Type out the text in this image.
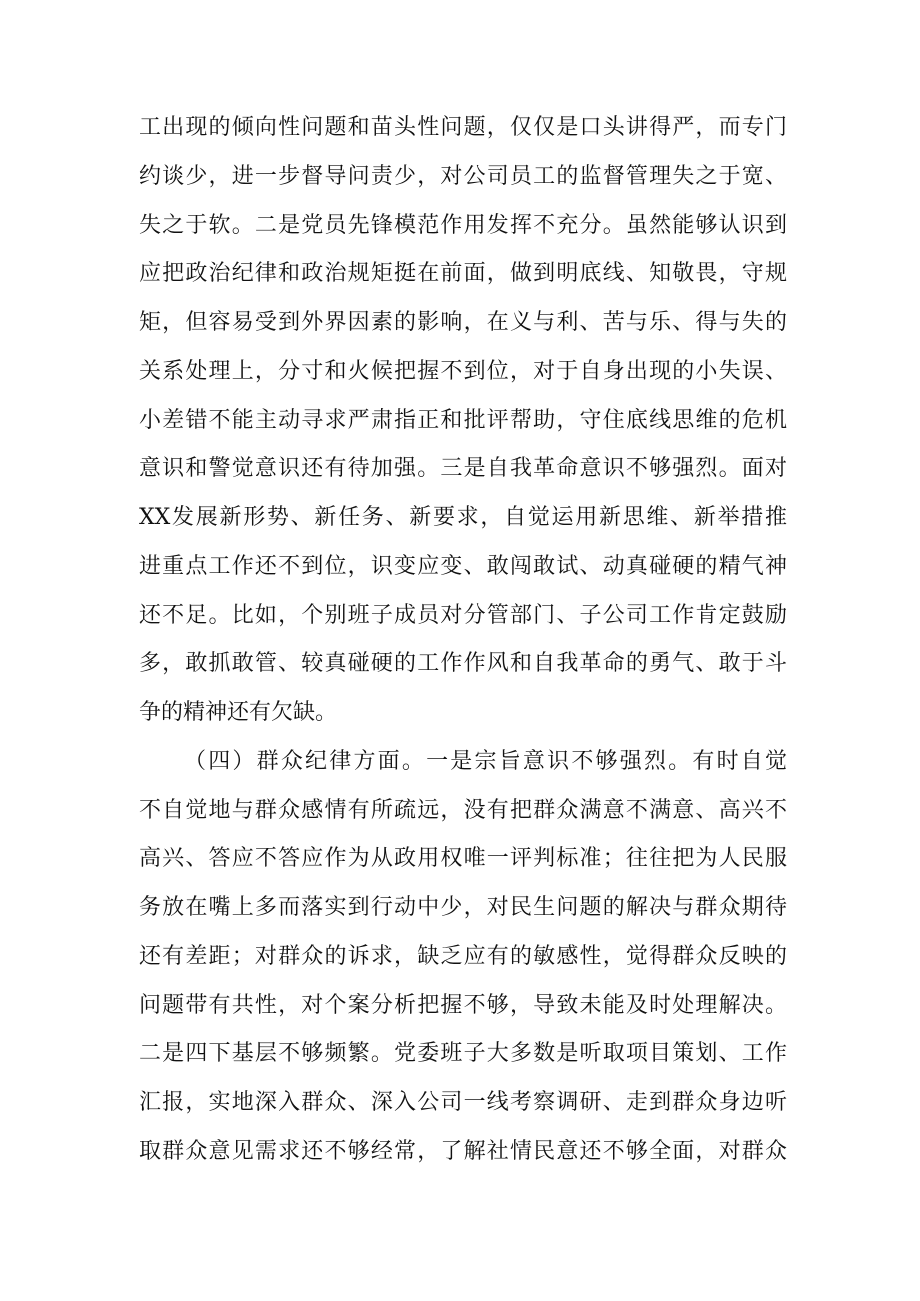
工出现的倾向性问题和苗头性问题，仅仅是口头讲得严，而专门
约谈少，进一步督导问责少，对公司员工的监督管理失之于宽、
失之于软。二是党员先锋模范作用发挥不充分。虽然能够认识到
应把政治纪律和政治规矩挺在前面，做到明底线、知敬畏，守规
矩，但容易受到外界因素的影响，在义与利、苦与乐、得与失的
关系处理上，分寸和火候把握不到位，对于自身出现的小失误、
小差错不能主动寻求严肃指正和批评帮助，守住底线思维的危机
意识和警觉意识还有待加强。三是自我革命意识不够强烈。面对
XX发展新形势、新任务、新要求，自觉运用新思维、新举措推
进重点工作还不到位，识变应变、敢闯敢试、动真碰硬的精气神
还不足。比如，个别班子成员对分管部门、子公司工作肯定鼓励
多，敢抓敢管、较真碰硬的工作作风和自我革命的勇气、敢于斗
争的精神还有欠缺。
（四）群众纪律方面。一是宗旨意识不够强烈。有时自觉
不自觉地与群众感情有所疏远，没有把群众满意不满意、高兴不
高兴、答应不答应作为从政用权唯一评判标准；往往把为人民服
务放在嘴上多而落实到行动中少，对民生问题的解决与群众期待
还有差距；对群众的诉求，缺乏应有的敏感性，觉得群众反映的
问题带有共性，对个案分析把握不够，导致未能及时处理解决。
二是四下基层不够频繁。党委班子大多数是听取项目策划、工作
汇报，实地深入群众、深入公司一线考察调研、走到群众身边听
取群众意见需求还不够经常，了解社情民意还不够全面，对群众
